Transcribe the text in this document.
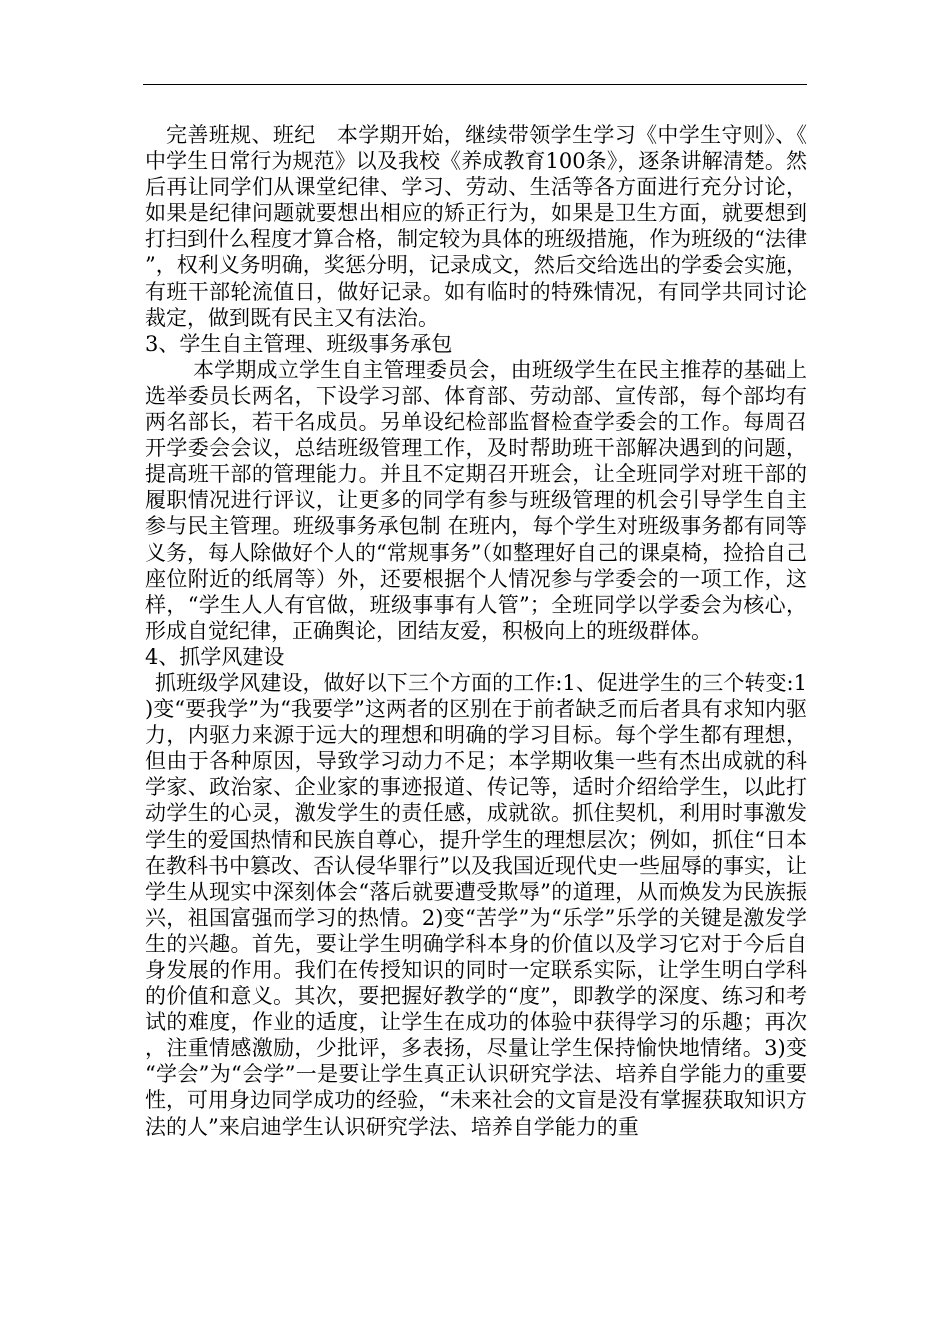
完善班规、班纪　本学期开始，继续带领学生学习《中学生守则》、《中学生日常行为规范》以及我校《养成教育100条》，逐条讲解清楚。然后再让同学们从课堂纪律、学习、劳动、生活等各方面进行充分讨论，如果是纪律问题就要想出相应的矫正行为，如果是卫生方面，就要想到打扫到什么程度才算合格，制定较为具体的班级措施，作为班级的“法律”，权利义务明确，奖惩分明，记录成文，然后交给选出的学委会实施，有班干部轮流值日，做好记录。如有临时的特殊情况，有同学共同讨论裁定，做到既有民主又有法治。

3、学生自主管理、班级事务承包

本学期成立学生自主管理委员会，由班级学生在民主推荐的基础上选举委员长两名，下设学习部、体育部、劳动部、宣传部，每个部均有两名部长，若干名成员。另单设纪检部监督检查学委会的工作。每周召开学委会会议，总结班级管理工作，及时帮助班干部解决遇到的问题，提高班干部的管理能力。并且不定期召开班会，让全班同学对班干部的履职情况进行评议，让更多的同学有参与班级管理的机会引导学生自主参与民主管理。班级事务承包制 在班内，每个学生对班级事务都有同等义务，每人除做好个人的“常规事务”（如整理好自己的课桌椅，捡拾自己座位附近的纸屑等）外，还要根据个人情况参与学委会的一项工作，这样，“学生人人有官做，班级事事有人管”；全班同学以学委会为核心，形成自觉纪律，正确舆论，团结友爱，积极向上的班级群体。

4、抓学风建设

抓班级学风建设，做好以下三个方面的工作:1、促进学生的三个转变:1)变“要我学”为“我要学”这两者的区别在于前者缺乏而后者具有求知内驱力，内驱力来源于远大的理想和明确的学习目标。每个学生都有理想，但由于各种原因，导致学习动力不足；本学期收集一些有杰出成就的科学家、政治家、企业家的事迹报道、传记等，适时介绍给学生，以此打动学生的心灵，激发学生的责任感，成就欲。抓住契机，利用时事激发学生的爱国热情和民族自尊心，提升学生的理想层次；例如，抓住“日本在教科书中篡改、否认侵华罪行”以及我国近现代史一些屈辱的事实，让学生从现实中深刻体会“落后就要遭受欺辱”的道理，从而焕发为民族振兴，祖国富强而学习的热情。2)变“苦学”为“乐学”乐学的关键是激发学生的兴趣。首先，要让学生明确学科本身的价值以及学习它对于今后自身发展的作用。我们在传授知识的同时一定联系实际，让学生明白学科的价值和意义。其次，要把握好教学的“度”，即教学的深度、练习和考试的难度，作业的适度，让学生在成功的体验中获得学习的乐趣；再次，注重情感激励，少批评，多表扬，尽量让学生保持愉快地情绪。3)变“学会”为“会学”一是要让学生真正认识研究学法、培养自学能力的重要性，可用身边同学成功的经验，“未来社会的文盲是没有掌握获取知识方法的人”来启迪学生认识研究学法、培养自学能力的重
